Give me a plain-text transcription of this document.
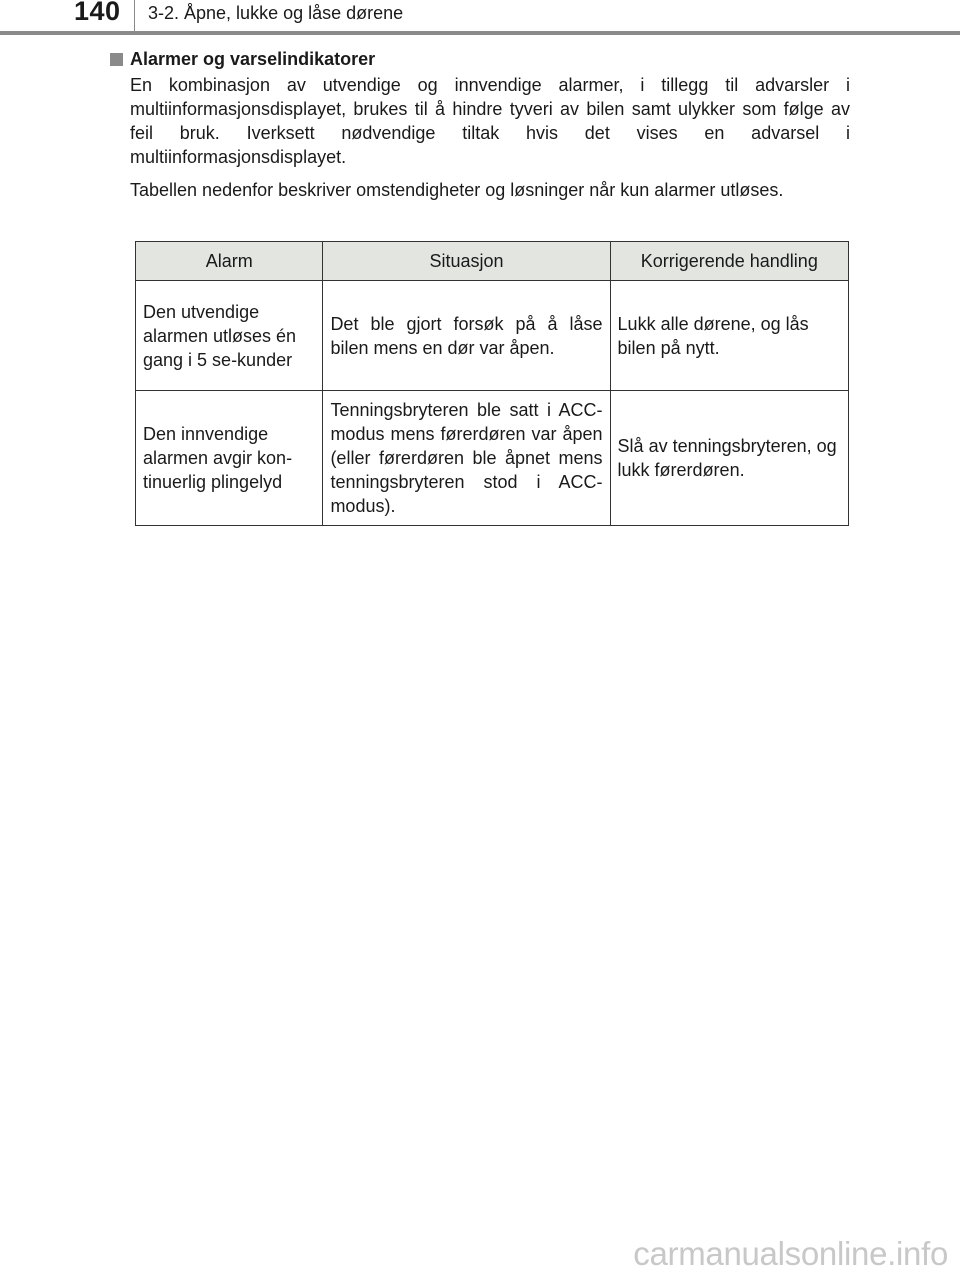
140 3-2. Åpne, lukke og låse dørene
Alarmer og varselindikatorer

En kombinasjon av utvendige og innvendige alarmer, i tillegg til advarsler i multiinformasjonsdisplayet, brukes til å hindre tyveri av bilen samt ulykker som følge av feil bruk. Iverksett nødvendige tiltak hvis det vises en advarsel i multiinformasjonsdisplayet.

Tabellen nedenfor beskriver omstendigheter og løsninger når kun alarmer utløses.

Alarm	Situasjon	Korrigerende handling
Den utvendige alarmen utløses én gang i 5 se-kunder	Det ble gjort forsøk på å låse bilen mens en dør var åpen.	Lukk alle dørene, og lås bilen på nytt.
Den innvendige alarmen avgir kon-tinuerlig plingelyd	Tenningsbryteren ble satt i ACC-modus mens førerdøren var åpen (eller førerdøren ble åpnet mens tenningsbryteren stod i ACC-modus).	Slå av tenningsbryteren, og lukk førerdøren.
carmanualsonline.info
